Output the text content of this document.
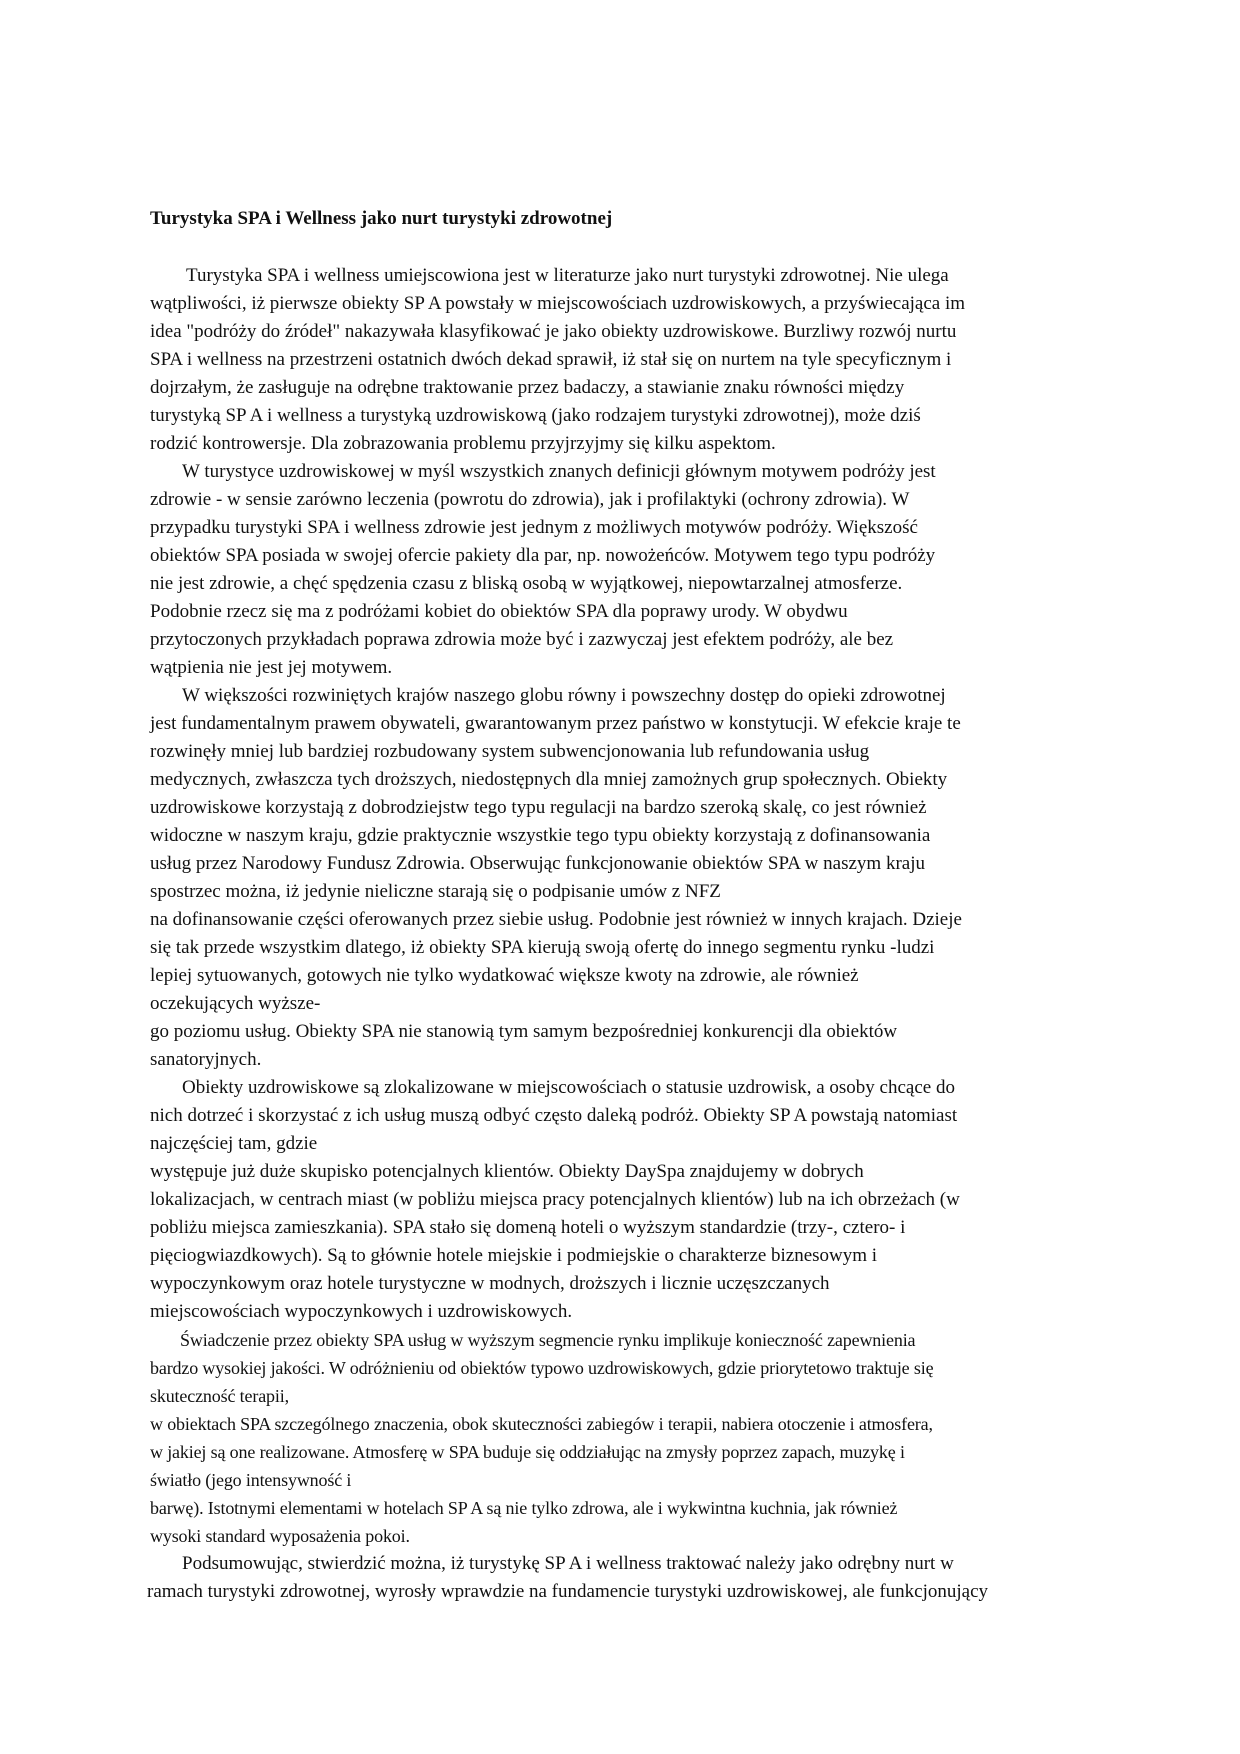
Turystyka SPA i Wellness jako nurt turystyki zdrowotnej
Turystyka SPA i wellness umiejscowiona jest w literaturze jako nurt turystyki zdrowotnej. Nie ulega
wątpliwości, iż pierwsze obiekty SP A powstały w miejscowościach uzdrowiskowych, a przyświecająca im
idea "podróży do źródeł" nakazywała klasyfikować je jako obiekty uzdrowiskowe. Burzliwy rozwój nurtu
SPA i wellness na przestrzeni ostatnich dwóch dekad sprawił, iż stał się on nurtem na tyle specyficznym i
dojrzałym, że zasługuje na odrębne traktowanie przez badaczy, a stawianie znaku równości między
turystyką SP A i wellness a turystyką uzdrowiskową (jako rodzajem turystyki zdrowotnej), może dziś
rodzić kontrowersje. Dla zobrazowania problemu przyjrzyjmy się kilku aspektom.
W turystyce uzdrowiskowej w myśl wszystkich znanych definicji głównym motywem podróży jest
zdrowie - w sensie zarówno leczenia (powrotu do zdrowia), jak i profilaktyki (ochrony zdrowia). W
przypadku turystyki SPA i wellness zdrowie jest jednym z możliwych motywów podróży. Większość
obiektów SPA posiada w swojej ofercie pakiety dla par, np. nowożeńców. Motywem tego typu podróży
nie jest zdrowie, a chęć spędzenia czasu z bliską osobą w wyjątkowej, niepowtarzalnej atmosferze.
Podobnie rzecz się ma z podróżami kobiet do obiektów SPA dla poprawy urody. W obydwu
przytoczonych przykładach poprawa zdrowia może być i zazwyczaj jest efektem podróży, ale bez
wątpienia nie jest jej motywem.
W większości rozwiniętych krajów naszego globu równy i powszechny dostęp do opieki zdrowotnej
jest fundamentalnym prawem obywateli, gwarantowanym przez państwo w konstytucji. W efekcie kraje te
rozwinęły mniej lub bardziej rozbudowany system subwencjonowania lub refundowania usług
medycznych, zwłaszcza tych droższych, niedostępnych dla mniej zamożnych grup społecznych. Obiekty
uzdrowiskowe korzystają z dobrodziejstw tego typu regulacji na bardzo szeroką skalę, co jest również
widoczne w naszym kraju, gdzie praktycznie wszystkie tego typu obiekty korzystają z dofinansowania
usług przez Narodowy Fundusz Zdrowia. Obserwując funkcjonowanie obiektów SPA w naszym kraju
spostrzec można, iż jedynie nieliczne starają się o podpisanie umów z NFZ
na dofinansowanie części oferowanych przez siebie usług. Podobnie jest również w innych krajach. Dzieje
się tak przede wszystkim dlatego, iż obiekty SPA kierują swoją ofertę do innego segmentu rynku -ludzi
lepiej sytuowanych, gotowych nie tylko wydatkować większe kwoty na zdrowie, ale również
oczekujących wyższe-
go poziomu usług. Obiekty SPA nie stanowią tym samym bezpośredniej konkurencji dla obiektów
sanatoryjnych.
Obiekty uzdrowiskowe są zlokalizowane w miejscowościach o statusie uzdrowisk, a osoby chcące do
nich dotrzeć i skorzystać z ich usług muszą odbyć często daleką podróż. Obiekty SP A powstają natomiast
najczęściej tam, gdzie
występuje już duże skupisko potencjalnych klientów. Obiekty DaySpa znajdujemy w dobrych
lokalizacjach, w centrach miast (w pobliżu miejsca pracy potencjalnych klientów) lub na ich obrzeżach (w
pobliżu miejsca zamieszkania). SPA stało się domeną hoteli o wyższym standardzie (trzy-, cztero- i
pięciogwiazdkowych). Są to głównie hotele miejskie i podmiejskie o charakterze biznesowym i
wypoczynkowym oraz hotele turystyczne w modnych, droższych i licznie uczęszczanych
miejscowościach wypoczynkowych i uzdrowiskowych.
Świadczenie przez obiekty SPA usług w wyższym segmencie rynku implikuje konieczność zapewnienia
bardzo wysokiej jakości. W odróżnieniu od obiektów typowo uzdrowiskowych, gdzie priorytetowo traktuje się
skuteczność terapii,
w obiektach SPA szczególnego znaczenia, obok skuteczności zabiegów i terapii, nabiera otoczenie i atmosfera,
w jakiej są one realizowane. Atmosferę w SPA buduje się oddziałując na zmysły poprzez zapach, muzykę i
światło (jego intensywność i
barwę). Istotnymi elementami w hotelach SP A są nie tylko zdrowa, ale i wykwintna kuchnia, jak również
wysoki standard wyposażenia pokoi.
Podsumowując, stwierdzić można, iż turystykę SP A i wellness traktować należy jako odrębny nurt w
ramach turystyki zdrowotnej, wyrosły wprawdzie na fundamencie turystyki uzdrowiskowej, ale funkcjonujący
